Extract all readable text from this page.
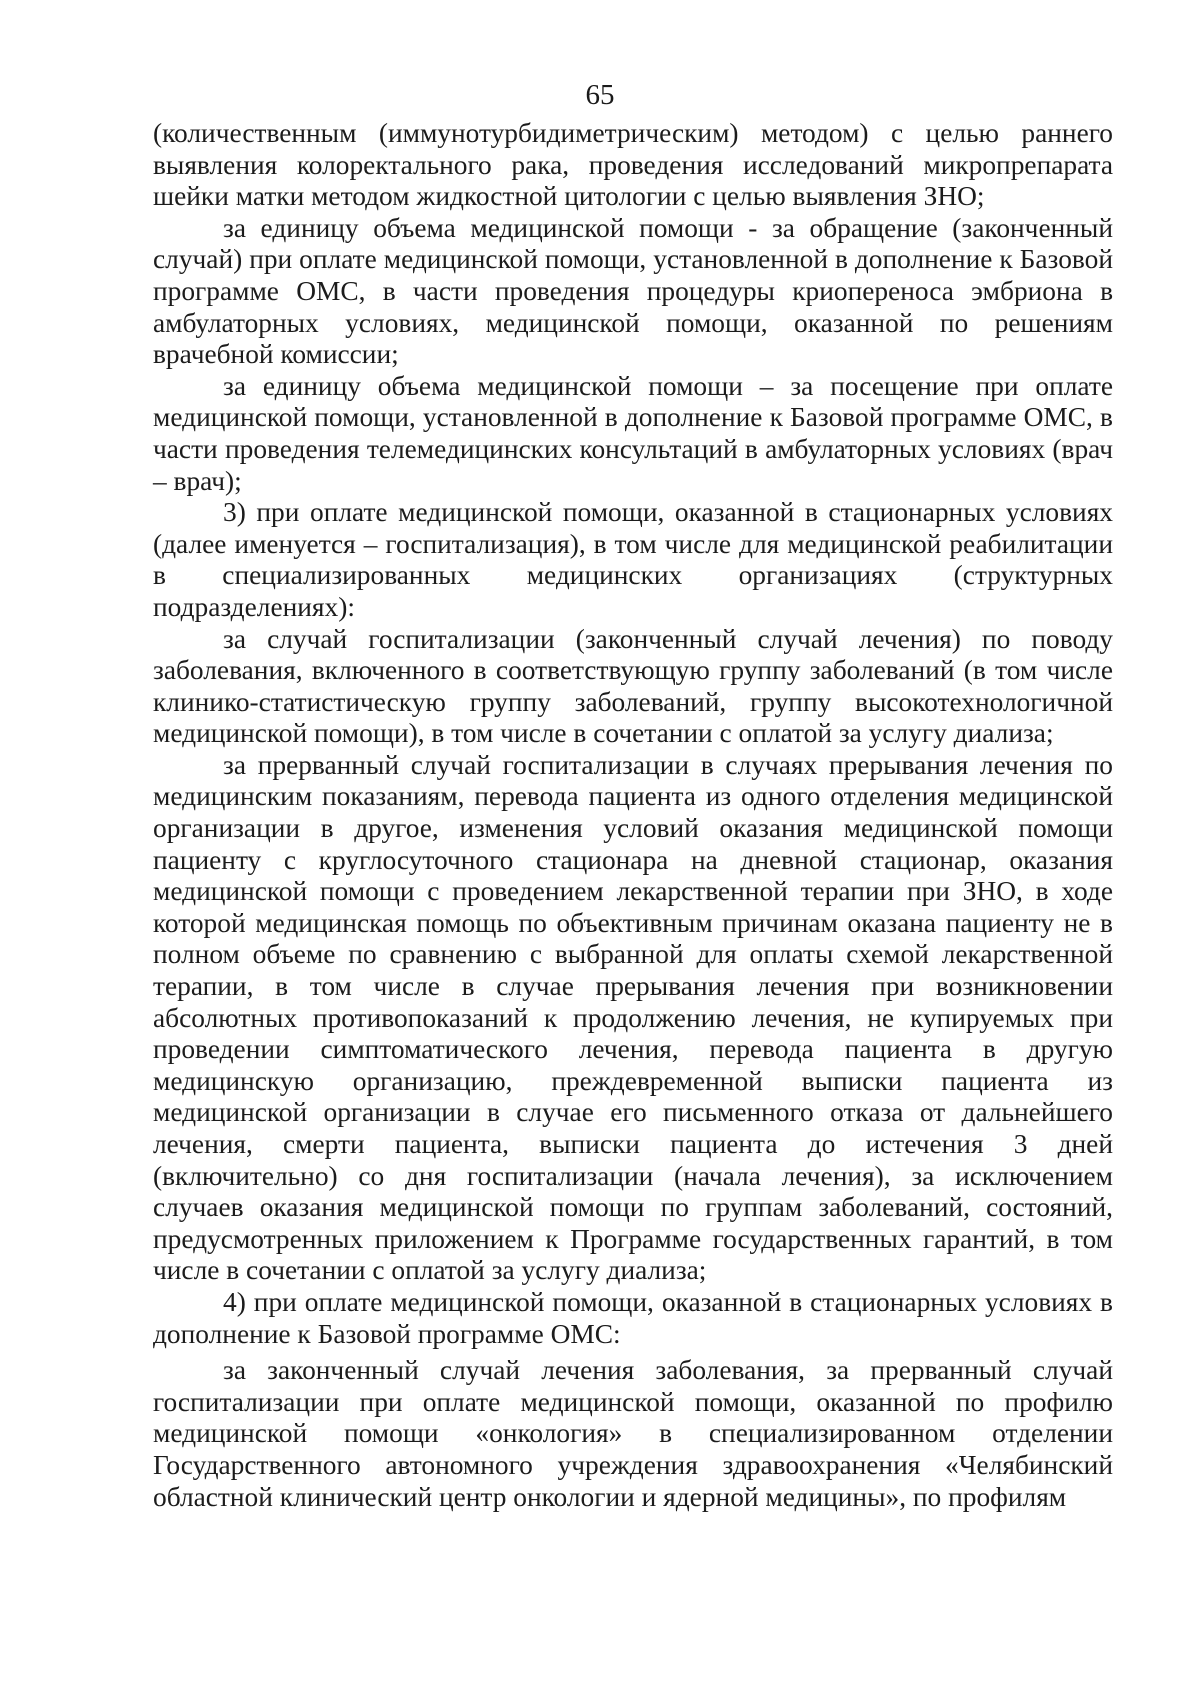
65

(количественным (иммунотурбидиметрическим) методом) с целью раннего выявления колоректального рака, проведения исследований микропрепарата шейки матки методом жидкостной цитологии с целью выявления ЗНО;

за единицу объема медицинской помощи - за обращение (законченный случай) при оплате медицинской помощи, установленной в дополнение к Базовой программе ОМС, в части проведения процедуры криопереноса эмбриона в амбулаторных условиях, медицинской помощи, оказанной по решениям врачебной комиссии;

за единицу объема медицинской помощи – за посещение при оплате медицинской помощи, установленной в дополнение к Базовой программе ОМС, в части проведения телемедицинских консультаций в амбулаторных условиях (врач – врач);

3) при оплате медицинской помощи, оказанной в стационарных условиях (далее именуется – госпитализация), в том числе для медицинской реабилитации в специализированных медицинских организациях (структурных подразделениях):

за случай госпитализации (законченный случай лечения) по поводу заболевания, включенного в соответствующую группу заболеваний (в том числе клинико-статистическую группу заболеваний, группу высокотехнологичной медицинской помощи), в том числе в сочетании с оплатой за услугу диализа;

за прерванный случай госпитализации в случаях прерывания лечения по медицинским показаниям, перевода пациента из одного отделения медицинской организации в другое, изменения условий оказания медицинской помощи пациенту с круглосуточного стационара на дневной стационар, оказания медицинской помощи с проведением лекарственной терапии при ЗНО, в ходе которой медицинская помощь по объективным причинам оказана пациенту не в полном объеме по сравнению с выбранной для оплаты схемой лекарственной терапии, в том числе в случае прерывания лечения при возникновении абсолютных противопоказаний к продолжению лечения, не купируемых при проведении симптоматического лечения, перевода пациента в другую медицинскую организацию, преждевременной выписки пациента из медицинской организации в случае его письменного отказа от дальнейшего лечения, смерти пациента, выписки пациента до истечения 3 дней (включительно) со дня госпитализации (начала лечения), за исключением случаев оказания медицинской помощи по группам заболеваний, состояний, предусмотренных приложением к Программе государственных гарантий, в том числе в сочетании с оплатой за услугу диализа;

4) при оплате медицинской помощи, оказанной в стационарных условиях в дополнение к Базовой программе ОМС:

за законченный случай лечения заболевания, за прерванный случай госпитализации при оплате медицинской помощи, оказанной по профилю медицинской помощи «онкология» в специализированном отделении Государственного автономного учреждения здравоохранения «Челябинский областной клинический центр онкологии и ядерной медицины», по профилям
